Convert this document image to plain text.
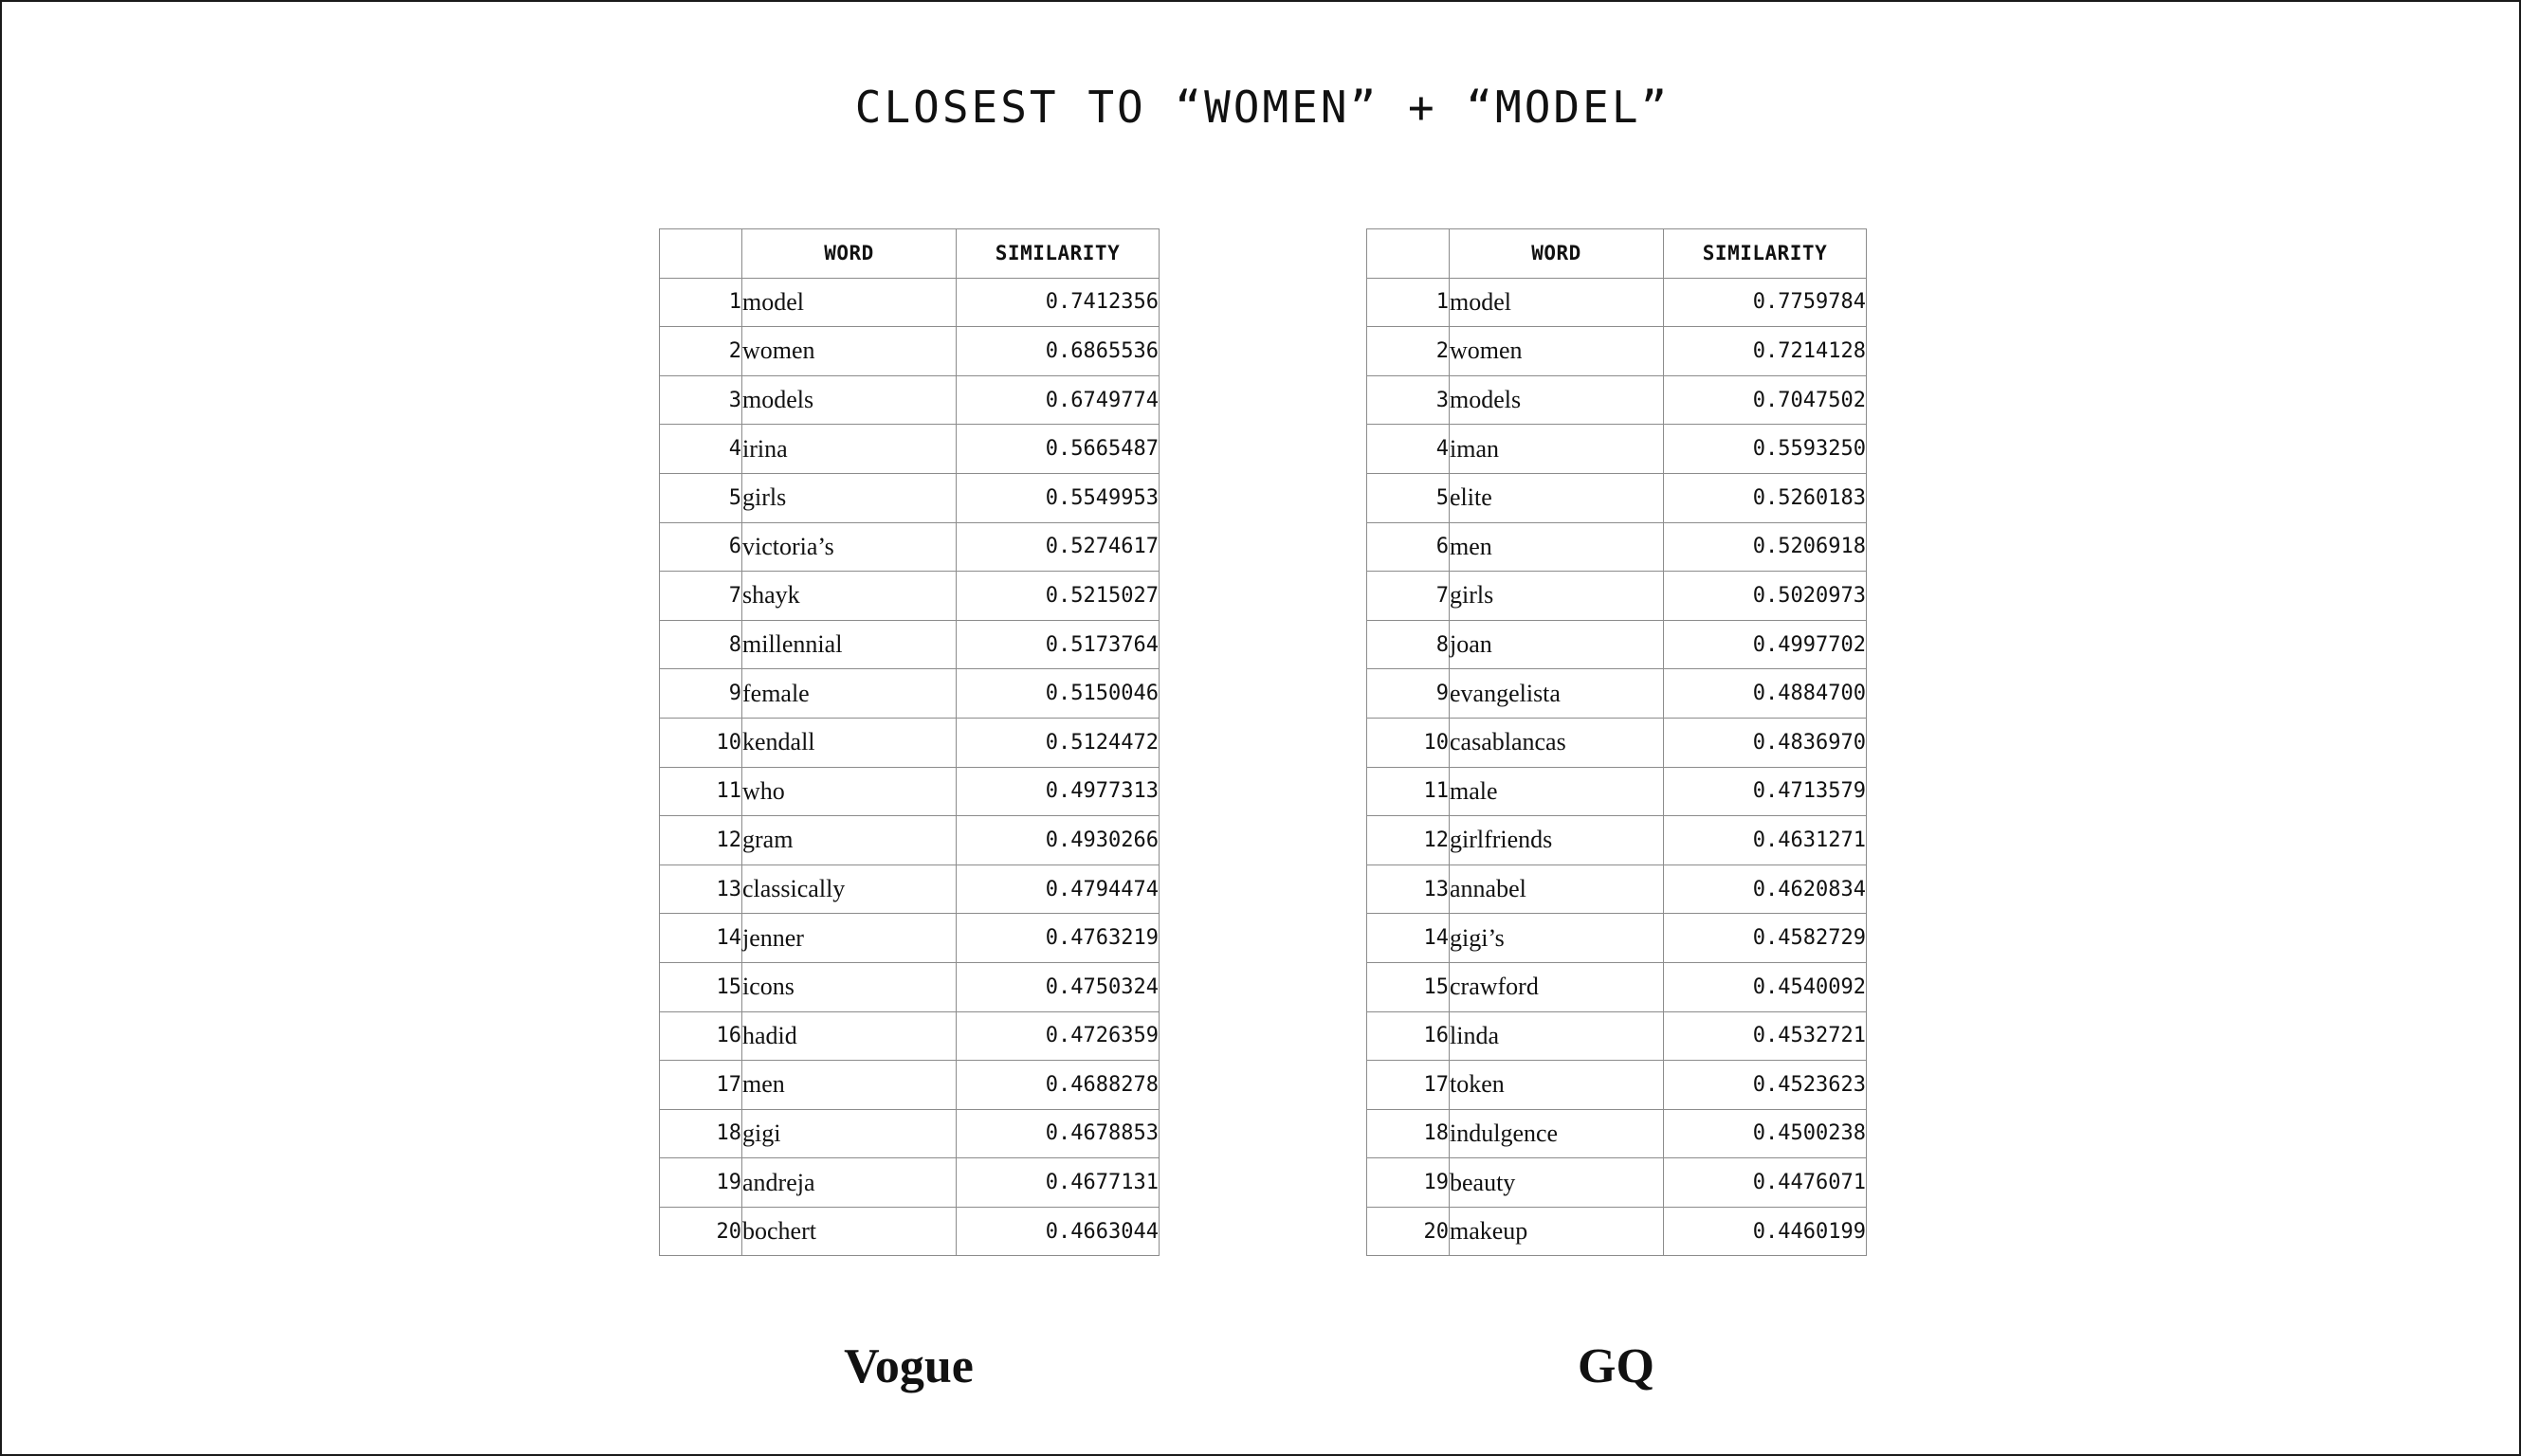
CLOSEST TO “WOMEN” + “MODEL”
	WORD	SIMILARITY
1	model	0.7412356
2	women	0.6865536
3	models	0.6749774
4	irina	0.5665487
5	girls	0.5549953
6	victoria’s	0.5274617
7	shayk	0.5215027
8	millennial	0.5173764
9	female	0.5150046
10	kendall	0.5124472
11	who	0.4977313
12	gram	0.4930266
13	classically	0.4794474
14	jenner	0.4763219
15	icons	0.4750324
16	hadid	0.4726359
17	men	0.4688278
18	gigi	0.4678853
19	andreja	0.4677131
20	bochert	0.4663044
Vogue
	WORD	SIMILARITY
1	model	0.7759784
2	women	0.7214128
3	models	0.7047502
4	iman	0.5593250
5	elite	0.5260183
6	men	0.5206918
7	girls	0.5020973
8	joan	0.4997702
9	evangelista	0.4884700
10	casablancas	0.4836970
11	male	0.4713579
12	girlfriends	0.4631271
13	annabel	0.4620834
14	gigi’s	0.4582729
15	crawford	0.4540092
16	linda	0.4532721
17	token	0.4523623
18	indulgence	0.4500238
19	beauty	0.4476071
20	makeup	0.4460199
GQ
